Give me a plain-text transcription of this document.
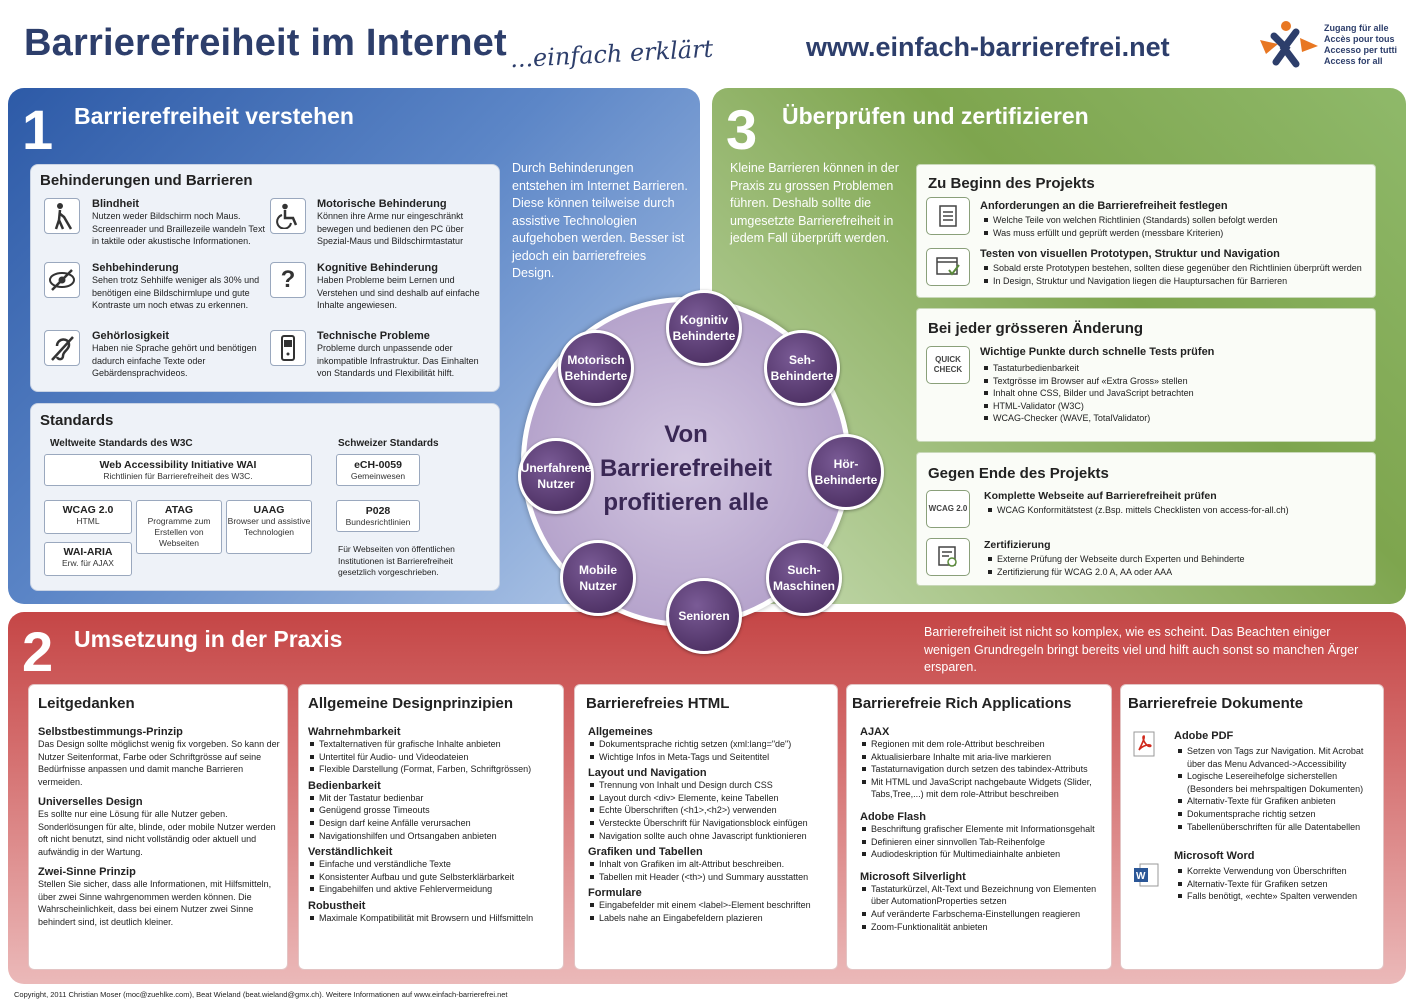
Barrierefreiheit im Internet ...einfach erklärt	www.einfach-barrierefrei.net
Zugang für alle
Accès pour tous
Accesso per tutti
Access for all
1 Barrierefreiheit verstehen
Behinderungen und Barrieren
Blindheit
Nutzen weder Bildschirm noch Maus. Screenreader und Braillezeile wandeln Text in taktile oder akustische Informationen.
Sehbehinderung
Sehen trotz Sehhilfe weniger als 30% und benötigen eine Bildschirmlupe und gute Kontraste um noch etwas zu erkennen.
Gehörlosigkeit
Haben nie Sprache gehört und benötigen dadurch einfache Texte oder Gebärdensprachvideos.
Motorische Behinderung
Können ihre Arme nur eingeschränkt bewegen und bedienen den PC über Spezial-Maus und Bildschirmtastatur
?	Kognitive Behinderung
Haben Probleme beim Lernen und Verstehen und sind deshalb auf einfache Inhalte angewiesen.
Technische Probleme
Probleme durch unpassende oder inkompatible Infrastruktur. Das Einhalten von Standards und Flexibilität hilft.
Standards
Weltweite Standards des W3C	Schweizer Standards
Web Accessibility Initiative WAI
Richtlinien für Barrierefreiheit des W3C.
WCAG 2.0
HTML
ATAG
Programme zum Erstellen von Webseiten
UAAG
Browser und assistive Technologien
WAI-ARIA
Erw. für AJAX
eCH-0059
Gemeinwesen
P028
Bundesrichtlinien
Für Webseiten von öffentlichen Institutionen ist Barrierefreiheit gesetzlich vorgeschrieben.
Durch Behinderungen entstehen im Internet Barrieren. Diese können teilweise durch assistive Technologien aufgehoben werden. Besser ist jedoch ein barrierefreies Design.
3 Überprüfen und zertifizieren
Kleine Barrieren können in der Praxis zu grossen Problemen führen. Deshalb sollte die umgesetzte Barrierefreiheit in jedem Fall überprüft werden.
Zu Beginn des Projekts
Anforderungen an die Barrierefreiheit festlegen
Welche Teile von welchen Richtlinien (Standards) sollen befolgt werden
Was muss erfüllt und geprüft werden (messbare Kriterien)
Testen von visuellen Prototypen, Struktur und Navigation
Sobald erste Prototypen bestehen, sollten diese gegenüber den Richtlinien überprüft werden
In Design, Struktur und Navigation liegen die Hauptursachen für Barrieren
Bei jeder grösseren Änderung
QUICK CHECK
Wichtige Punkte durch schnelle Tests prüfen
Tastaturbedienbarkeit
Textgrösse im Browser auf «Extra Gross» stellen
Inhalt ohne CSS, Bilder und JavaScript betrachten
HTML-Validator (W3C)
WCAG-Checker (WAVE, TotalValidator)
Gegen Ende des Projekts
WCAG 2.0
Komplette Webseite auf Barrierefreiheit prüfen
WCAG Konformitätstest (z.Bsp. mittels Checklisten von access-for-all.ch)
Zertifizierung
Externe Prüfung der Webseite durch Experten und Behinderte
Zertifizierung für WCAG 2.0 A, AA oder AAA
2 Umsetzung in der Praxis	Barrierefreiheit ist nicht so komplex, wie es scheint. Das Beachten einiger wenigen Grundregeln bringt bereits viel und hilft auch sonst so manchen Ärger ersparen.
Leitgedanken
Selbstbestimmungs-Prinzip
Das Design sollte möglichst wenig fix vorgeben. So kann der Nutzer Seitenformat, Farbe oder Schriftgrösse auf seine Bedürfnisse anpassen und damit manche Barrieren vermeiden.
Universelles Design
Es sollte nur eine Lösung für alle Nutzer geben. Sonderlösungen für alte, blinde, oder mobile Nutzer werden oft nicht benutzt, sind nicht vollständig oder aktuell und aufwändig in der Wartung.
Zwei-Sinne Prinzip
Stellen Sie sicher, dass alle Informationen, mit Hilfsmitteln, über zwei Sinne wahrgenommen werden können. Die Wahrscheinlichkeit, dass bei einem Nutzer zwei Sinne behindert sind, ist deutlich kleiner.
Allgemeine Designprinzipien
Wahrnehmbarkeit
Textalternativen für grafische Inhalte anbieten
Untertitel für Audio- und Videodateien
Flexible Darstellung (Format, Farben, Schriftgrössen)
Bedienbarkeit
Mit der Tastatur bedienbar
Genügend grosse Timeouts
Design darf keine Anfälle verursachen
Navigationshilfen und Ortsangaben anbieten
Verständlichkeit
Einfache und verständliche Texte
Konsistenter Aufbau und gute Selbsterklärbarkeit
Eingabehilfen und aktive Fehlervermeidung
Robustheit
Maximale Kompatibilität mit Browsern und Hilfsmitteln
Barrierefreies HTML
Allgemeines
Dokumentsprache richtig setzen (xml:lang="de")
Wichtige Infos in Meta-Tags und Seitentitel
Layout und Navigation
Trennung von Inhalt und Design durch CSS
Layout durch <div> Elemente, keine Tabellen
Echte Überschriften (<h1>,<h2>) verwenden
Versteckte Überschrift für Navigationsblock einfügen
Navigation sollte auch ohne Javascript funktionieren
Grafiken und Tabellen
Inhalt von Grafiken im alt-Attribut beschreiben.
Tabellen mit Header (<th>) und Summary ausstatten
Formulare
Eingabefelder mit einem <label>-Element beschriften
Labels nahe an Eingabefeldern plazieren
Barrierefreie Rich Applications
AJAX
Regionen mit dem role-Attribut beschreiben
Aktualisierbare Inhalte mit aria-live markieren
Tastaturnavigation durch setzen des tabindex-Attributs
Mit HTML und JavaScript nachgebaute Widgets (Slider, Tabs,Tree,...) mit dem role-Attribut beschreiben
Adobe Flash
Beschriftung grafischer Elemente mit Informationsgehalt
Definieren einer sinnvollen Tab-Reihenfolge
Audiodeskription für Multimediainhalte anbieten
Microsoft Silverlight
Tastaturkürzel, Alt-Text und Bezeichnung von Elementen über AutomationProperties setzen
Auf veränderte Farbschema-Einstellungen reagieren
Zoom-Funktionalität anbieten
Barrierefreie Dokumente
Adobe PDF
Setzen von Tags zur Navigation. Mit Acrobat über das Menu Advanced->Accessibility
Logische Lesereihefolge sicherstellen (Besonders bei mehrspaltigen Dokumenten)
Alternativ-Texte für Grafiken anbieten
Dokumentsprache richtig setzen
Tabellenüberschriften für alle Datentabellen
W
Microsoft Word
Korrekte Verwendung von Überschriften
Alternativ-Texte für Grafiken setzen
Falls benötigt, «echte» Spalten verwenden
Von Barrierefreiheit profitieren alle
Kognitiv Behinderte
Seh-Behinderte
Hör-Behinderte
Such-Maschinen
Senioren
Mobile Nutzer
Unerfahrene Nutzer
Motorisch Behinderte
Copyright, 2011 Christian Moser (moc@zuehlke.com), Beat Wieland (beat.wieland@gmx.ch). Weitere Informationen auf www.einfach-barrierefrei.net
